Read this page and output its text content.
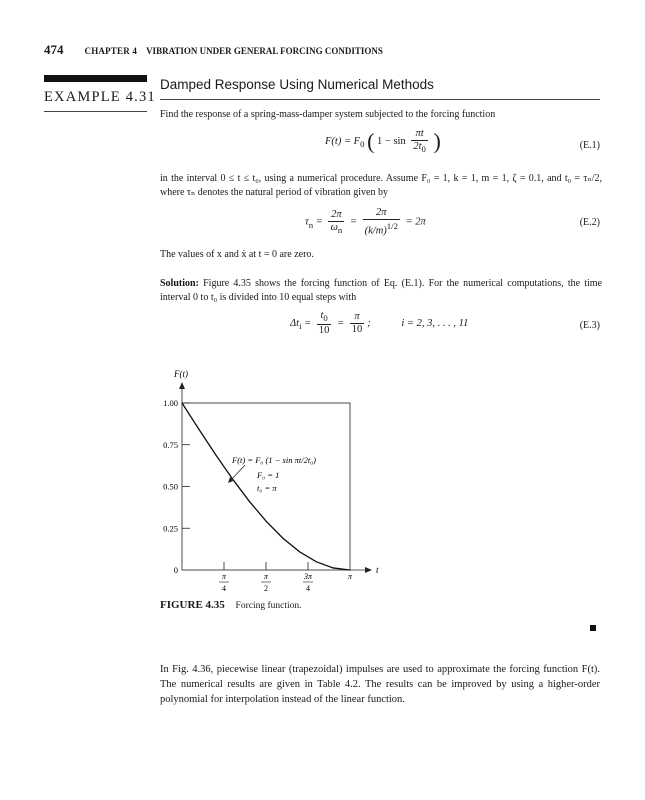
474 CHAPTER 4 VIBRATION UNDER GENERAL FORCING CONDITIONS
Damped Response Using Numerical Methods
EXAMPLE 4.31
Find the response of a spring-mass-damper system subjected to the forcing function
$F(t) = F_0$ ( $1 - \sin \frac{\pi t}{2t_0}$ )	(E.1)
in the interval 0 ≤ t ≤ t₀, using a numerical procedure. Assume F₀ = 1, k = 1, m = 1, ζ = 0.1, and t₀ = τₙ/2, where τₙ denotes the natural period of vibration given by
$\tau_n = \frac{2\pi}{\omega_n} = \frac{2\pi}{(k/m)^{1/2}} = 2\pi$	(E.2)
The values of x and ẋ at t = 0 are zero.
Solution: Figure 4.35 shows the forcing function of Eq. (E.1). For the numerical computations, the time interval 0 to t₀ is divided into 10 equal steps with
$\Delta t_i = \frac{t_0}{10} = \frac{\pi}{10}$ ;	i = 2, 3, . . . , 11	(E.3)
t
F(t)
0
0.25
0.50
0.75
1.00
π
4
π
2
3π
4
π
F(t) = F₀ (1 − sin πt/2t₀)
F₀ = 1
t₀ = π
FIGURE 4.35 Forcing function.
In Fig. 4.36, piecewise linear (trapezoidal) impulses are used to approximate the forcing function F(t). The numerical results are given in Table 4.2. The results can be improved by using a higher-order polynomial for interpolation instead of the linear function.
